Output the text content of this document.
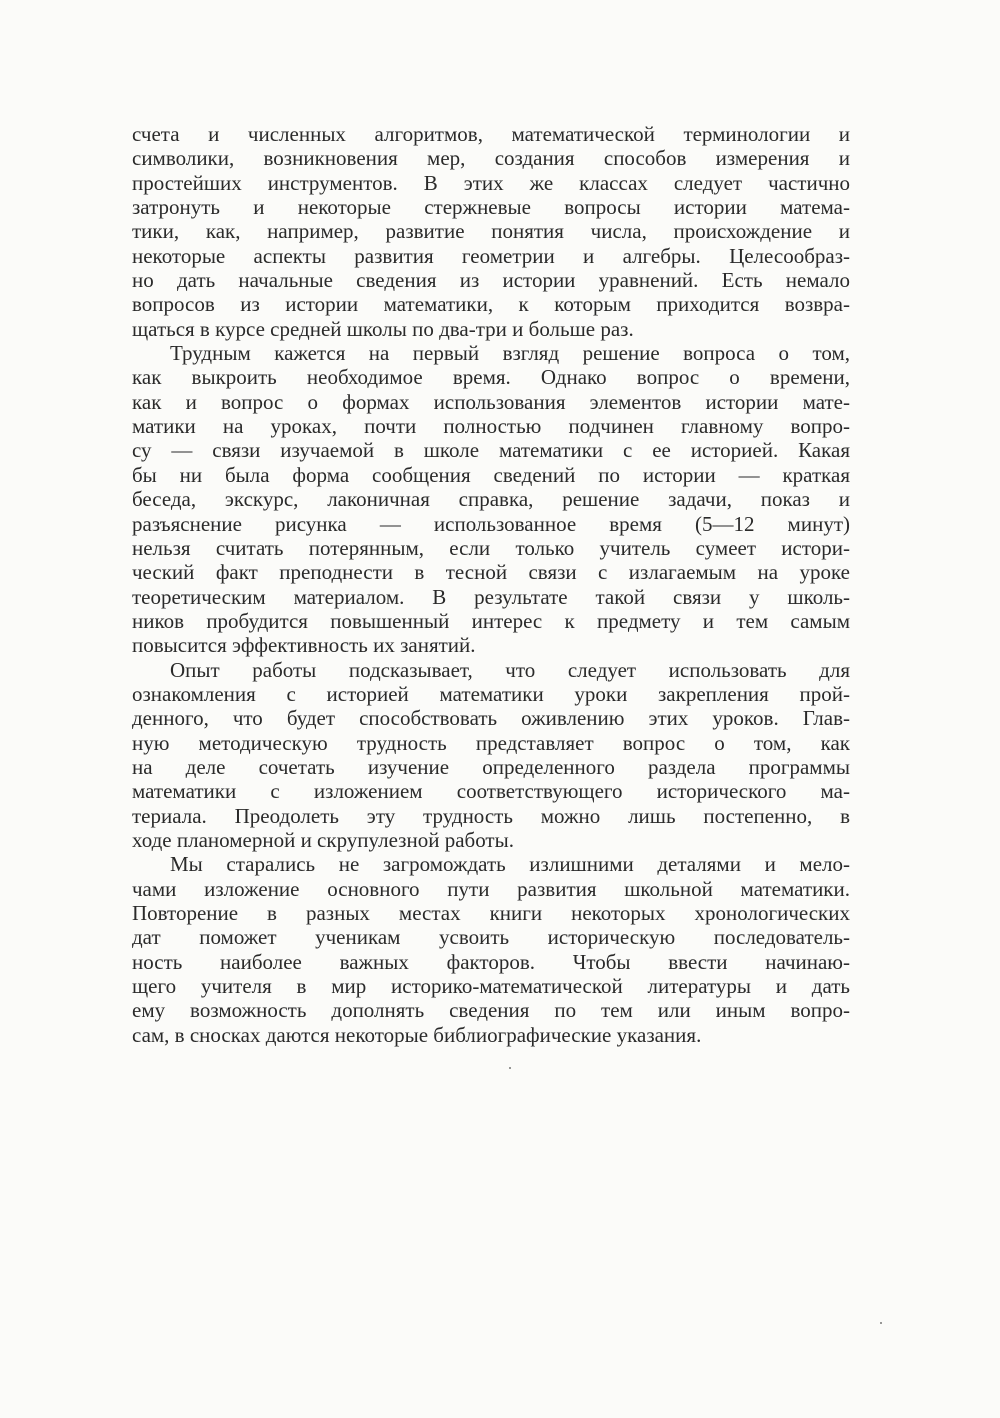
счета и численных алгоритмов, математической терминологии и
символики, возникновения мер, создания способов измерения и
простейших инструментов. В этих же классах следует частично
затронуть и некоторые стержневые вопросы истории матема-
тики, как, например, развитие понятия числа, происхождение и
некоторые аспекты развития геометрии и алгебры. Целесообраз-
но дать начальные сведения из истории уравнений. Есть немало
вопросов из истории математики, к которым приходится возвра-
щаться в курсе средней школы по два-три и больше раз.
Трудным кажется на первый взгляд решение вопроса о том,
как выкроить необходимое время. Однако вопрос о времени,
как и вопрос о формах использования элементов истории мате-
матики на уроках, почти полностью подчинен главному вопро-
су — связи изучаемой в школе математики с ее историей. Какая
бы ни была форма сообщения сведений по истории — краткая
беседа, экскурс, лаконичная справка, решение задачи, показ и
разъяснение рисунка — использованное время (5—12 минут)
нельзя считать потерянным, если только учитель сумеет истори-
ческий факт преподнести в тесной связи с излагаемым на уроке
теоретическим материалом. В результате такой связи у школь-
ников пробудится повышенный интерес к предмету и тем самым
повысится эффективность их занятий.
Опыт работы подсказывает, что следует использовать для
ознакомления с историей математики уроки закрепления прой-
денного, что будет способствовать оживлению этих уроков. Глав-
ную методическую трудность представляет вопрос о том, как
на деле сочетать изучение определенного раздела программы
математики с изложением соответствующего исторического ма-
териала. Преодолеть эту трудность можно лишь постепенно, в
ходе планомерной и скрупулезной работы.
Мы старались не загромождать излишними деталями и мело-
чами изложение основного пути развития школьной математики.
Повторение в разных местах книги некоторых хронологических
дат поможет ученикам усвоить историческую последователь-
ность наиболее важных факторов. Чтобы ввести начинаю-
щего учителя в мир историко-математической литературы и дать
ему возможность дополнять сведения по тем или иным вопро-
сам, в сносках даются некоторые библиографические указания.
